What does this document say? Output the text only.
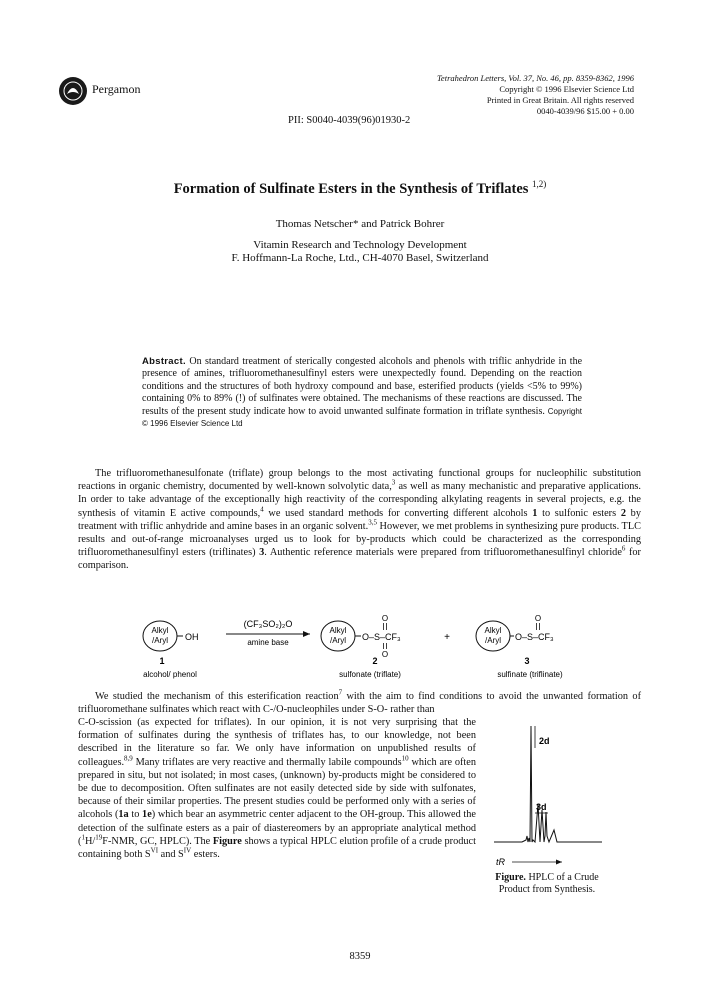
Pergamon
Tetrahedron Letters, Vol. 37, No. 46, pp. 8359-8362, 1996
Copyright © 1996 Elsevier Science Ltd
Printed in Great Britain. All rights reserved
0040-4039/96 $15.00 + 0.00
PII: S0040-4039(96)01930-2
Formation of Sulfinate Esters in the Synthesis of Triflates $^{1,2)}$
Thomas Netscher* and Patrick Bohrer
Vitamin Research and Technology Development
F. Hoffmann-La Roche, Ltd., CH-4070 Basel, Switzerland
Abstract. On standard treatment of sterically congested alcohols and phenols with triflic anhydride in the presence of amines, trifluoromethanesulfinyl esters were unexpectedly found. Depending on the reaction conditions and the structures of both hydroxy compound and base, esterified products (yields <5% to 99%) containing 0% to 89% (!) of sulfinates were obtained. The mechanisms of these reactions are discussed. The results of the present study indicate how to avoid unwanted sulfinate formation in triflate synthesis. Copyright © 1996 Elsevier Science Ltd
The trifluoromethanesulfonate (triflate) group belongs to the most activating functional groups for nucleophilic substitution reactions in organic chemistry, documented by well-known solvolytic data,$^3$ as well as many mechanistic and preparative applications. In order to take advantage of the exceptionally high reactivity of the corresponding alkylating reagents in several projects, e.g. the synthesis of vitamin E active compounds,$^4$ we used standard methods for converting different alcohols 1 to sulfonic esters 2 by treatment with triflic anhydride and amine bases in an organic solvent.$^{3,5}$ However, we met problems in synthesizing pure products. TLC results and out-of-range microanalyses urged us to look for by-products which could be characterized as the corresponding trifluoromethanesulfinyl esters (triflinates) 3. Authentic reference materials were prepared from trifluoromethanesulfinyl chloride$^6$ for comparison.
Alkyl
/Aryl OH
(CF₃SO₂)₂O
amine base
Alkyl
/Aryl O–S–CF₃
O
O
+
Alkyl
/Aryl O–S–CF₃
O
1	2	3
alcohol/ phenol	sulfonate (triflate)	sulfinate (triflinate)
We studied the mechanism of this esterification reaction$^7$ with the aim to find conditions to avoid the unwanted formation of trifluoromethane sulfinates which react with C-/O-nucleophiles under S-O- rather than
C-O-scission (as expected for triflates). In our opinion, it is not very surprising that the formation of sulfinates during the synthesis of triflates has, to our knowledge, not been described in the literature so far. We only have information on unpublished results of colleagues.$^{8,9}$ Many triflates are very reactive and thermally labile compounds$^{10}$ which are often prepared in situ, but not isolated; in most cases, (unknown) by-products might be considered to be due to decomposition. Often sulfinates are not easily detected side by side with sulfonates, because of their similar properties. The present studies could be performed only with a series of alcohols (1a to 1e) which bear an asymmetric center adjacent to the OH-group. This allowed the detection of the sulfinate esters as a pair of diastereomers by an appropriate analytical method ($^1$H/$^{19}$F-NMR, GC, HPLC). The Figure shows a typical HPLC elution profile of a crude product containing both $S^{VI}$ and $S^{IV}$ esters.
2d
3d
tR
Figure. HPLC of a Crude Product from Synthesis.
8359
